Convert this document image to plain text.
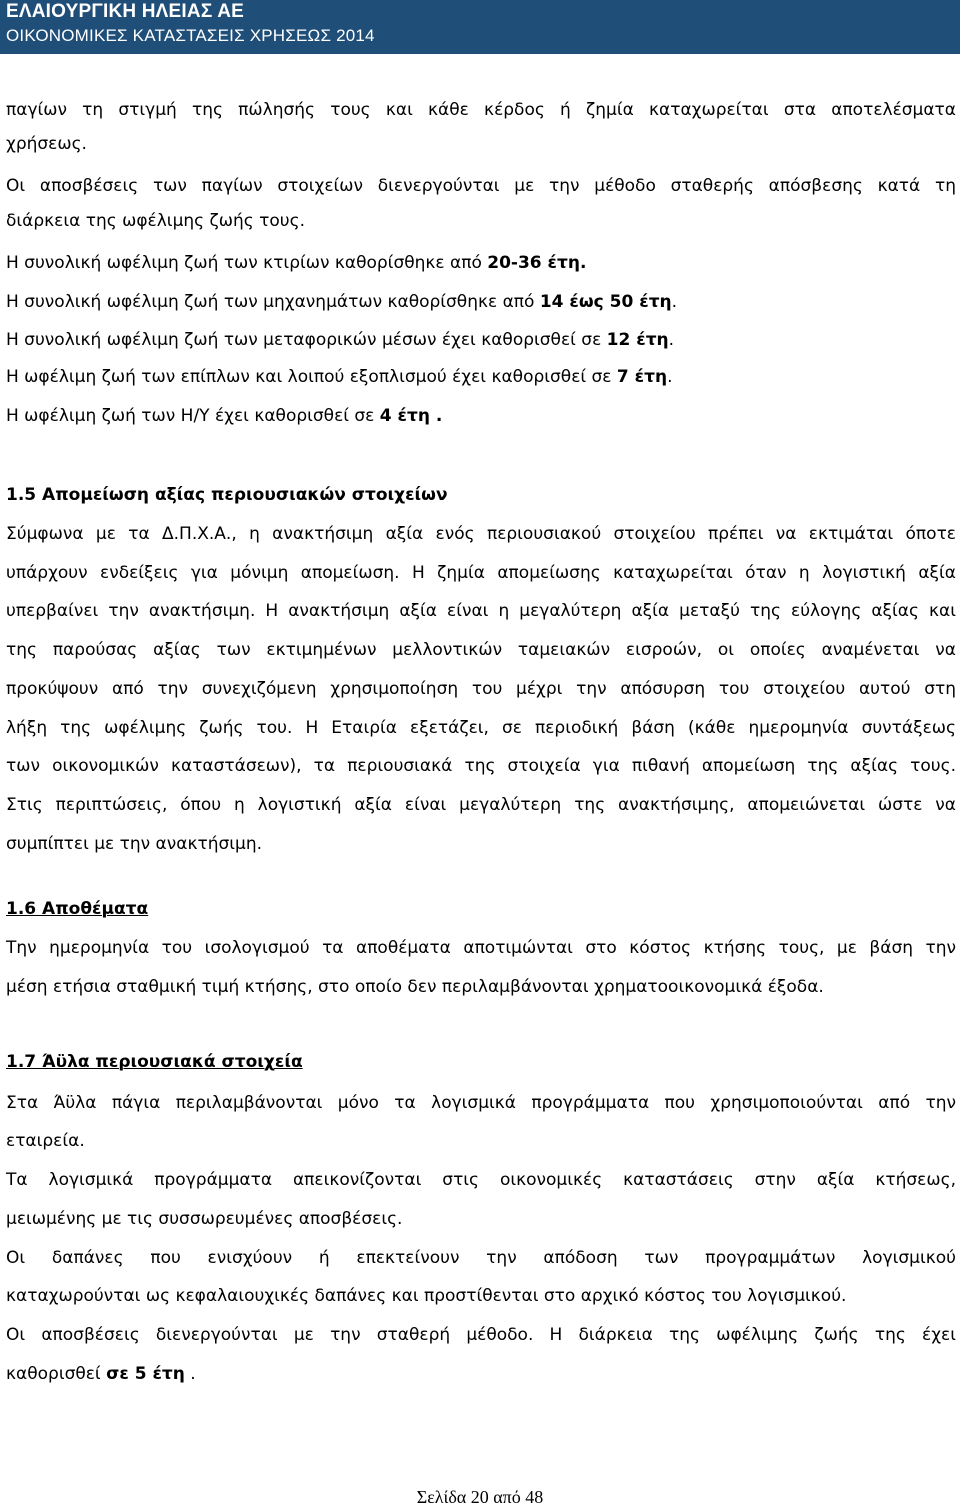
ΕΛΑΙΟΥΡΓΙΚΗ ΗΛΕΙΑΣ ΑΕ
ΟΙΚΟΝΟΜΙΚΕΣ ΚΑΤΑΣΤΑΣΕΙΣ ΧΡΗΣΕΩΣ 2014
παγίων τη στιγμή της πώλησής τους και κάθε κέρδος ή ζημία καταχωρείται στα αποτελέσματα
χρήσεως.
Οι αποσβέσεις των παγίων στοιχείων διενεργούνται με την μέθοδο σταθερής απόσβεσης κατά τη
διάρκεια της ωφέλιμης ζωής τους.
Η συνολική ωφέλιμη ζωή των κτιρίων καθορίσθηκε από 20-36 έτη.
Η συνολική ωφέλιμη ζωή των μηχανημάτων καθορίσθηκε από 14 έως 50 έτη.
Η συνολική ωφέλιμη ζωή των μεταφορικών μέσων έχει καθορισθεί σε 12 έτη.
Η ωφέλιμη ζωή των επίπλων και λοιπού εξοπλισμού έχει καθορισθεί σε 7 έτη.
Η ωφέλιμη ζωή των Η/Υ έχει καθορισθεί σε 4 έτη .
1.5 Απομείωση αξίας περιουσιακών στοιχείων
Σύμφωνα με τα Δ.Π.Χ.Α., η ανακτήσιμη αξία ενός περιουσιακού στοιχείου πρέπει να εκτιμάται όποτε
υπάρχουν ενδείξεις για μόνιμη απομείωση. Η ζημία απομείωσης καταχωρείται όταν η λογιστική αξία
υπερβαίνει την ανακτήσιμη. Η ανακτήσιμη αξία είναι η μεγαλύτερη αξία μεταξύ της εύλογης αξίας και
της παρούσας αξίας των εκτιμημένων μελλοντικών ταμειακών εισροών, οι οποίες αναμένεται να
προκύψουν από την συνεχιζόμενη χρησιμοποίηση του μέχρι την απόσυρση του στοιχείου αυτού στη
λήξη της ωφέλιμης ζωής του. Η Εταιρία εξετάζει, σε περιοδική βάση (κάθε ημερομηνία συντάξεως
των οικονομικών καταστάσεων), τα περιουσιακά της στοιχεία για πιθανή απομείωση της αξίας τους.
Στις περιπτώσεις, όπου η λογιστική αξία είναι μεγαλύτερη της ανακτήσιμης, απομειώνεται ώστε να
συμπίπτει με την ανακτήσιμη.
1.6 Αποθέματα
Την ημερομηνία του ισολογισμού τα αποθέματα αποτιμώνται στο κόστος κτήσης τους, με βάση την
μέση ετήσια σταθμική τιμή κτήσης, στο οποίο δεν περιλαμβάνονται χρηματοοικονομικά έξοδα.
1.7 Άϋλα περιουσιακά στοιχεία
Στα Άϋλα πάγια περιλαμβάνονται μόνο τα λογισμικά προγράμματα που χρησιμοποιούνται από την
εταιρεία.
Τα λογισμικά προγράμματα απεικονίζονται στις οικονομικές καταστάσεις στην αξία κτήσεως,
μειωμένης με τις συσσωρευμένες αποσβέσεις.
Οι δαπάνες που ενισχύουν ή επεκτείνουν την απόδοση των προγραμμάτων λογισμικού
καταχωρούνται ως κεφαλαιουχικές δαπάνες και προστίθενται στο αρχικό κόστος του λογισμικού.
Οι αποσβέσεις διενεργούνται με την σταθερή μέθοδο. Η διάρκεια της ωφέλιμης ζωής της έχει
καθορισθεί σε 5 έτη .
Σελίδα 20 από 48
